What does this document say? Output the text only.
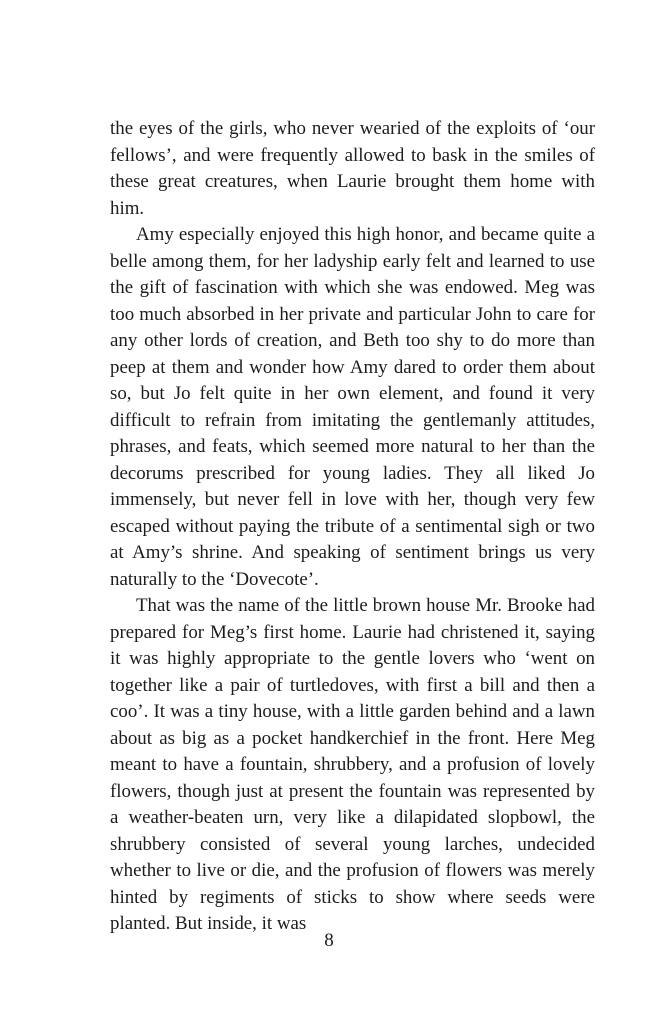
the eyes of the girls, who never wearied of the exploits of ‘our fellows’, and were frequently allowed to bask in the smiles of these great creatures, when Laurie brought them home with him.

Amy especially enjoyed this high honor, and became quite a belle among them, for her ladyship early felt and learned to use the gift of fascination with which she was endowed. Meg was too much absorbed in her private and particular John to care for any other lords of creation, and Beth too shy to do more than peep at them and wonder how Amy dared to order them about so, but Jo felt quite in her own element, and found it very difficult to refrain from imitating the gentlemanly attitudes, phrases, and feats, which seemed more natural to her than the decorums prescribed for young ladies. They all liked Jo immensely, but never fell in love with her, though very few escaped without paying the tribute of a sentimental sigh or two at Amy’s shrine. And speaking of sentiment brings us very naturally to the ‘Dovecote’.

That was the name of the little brown house Mr. Brooke had prepared for Meg’s first home. Laurie had christened it, saying it was highly appropriate to the gentle lovers who ‘went on together like a pair of turtledoves, with first a bill and then a coo’. It was a tiny house, with a little garden behind and a lawn about as big as a pocket handkerchief in the front. Here Meg meant to have a fountain, shrubbery, and a profusion of lovely flowers, though just at present the fountain was represented by a weather-beaten urn, very like a dilapidated slopbowl, the shrubbery consisted of several young larches, undecided whether to live or die, and the profusion of flowers was merely hinted by regiments of sticks to show where seeds were planted. But inside, it was

8
